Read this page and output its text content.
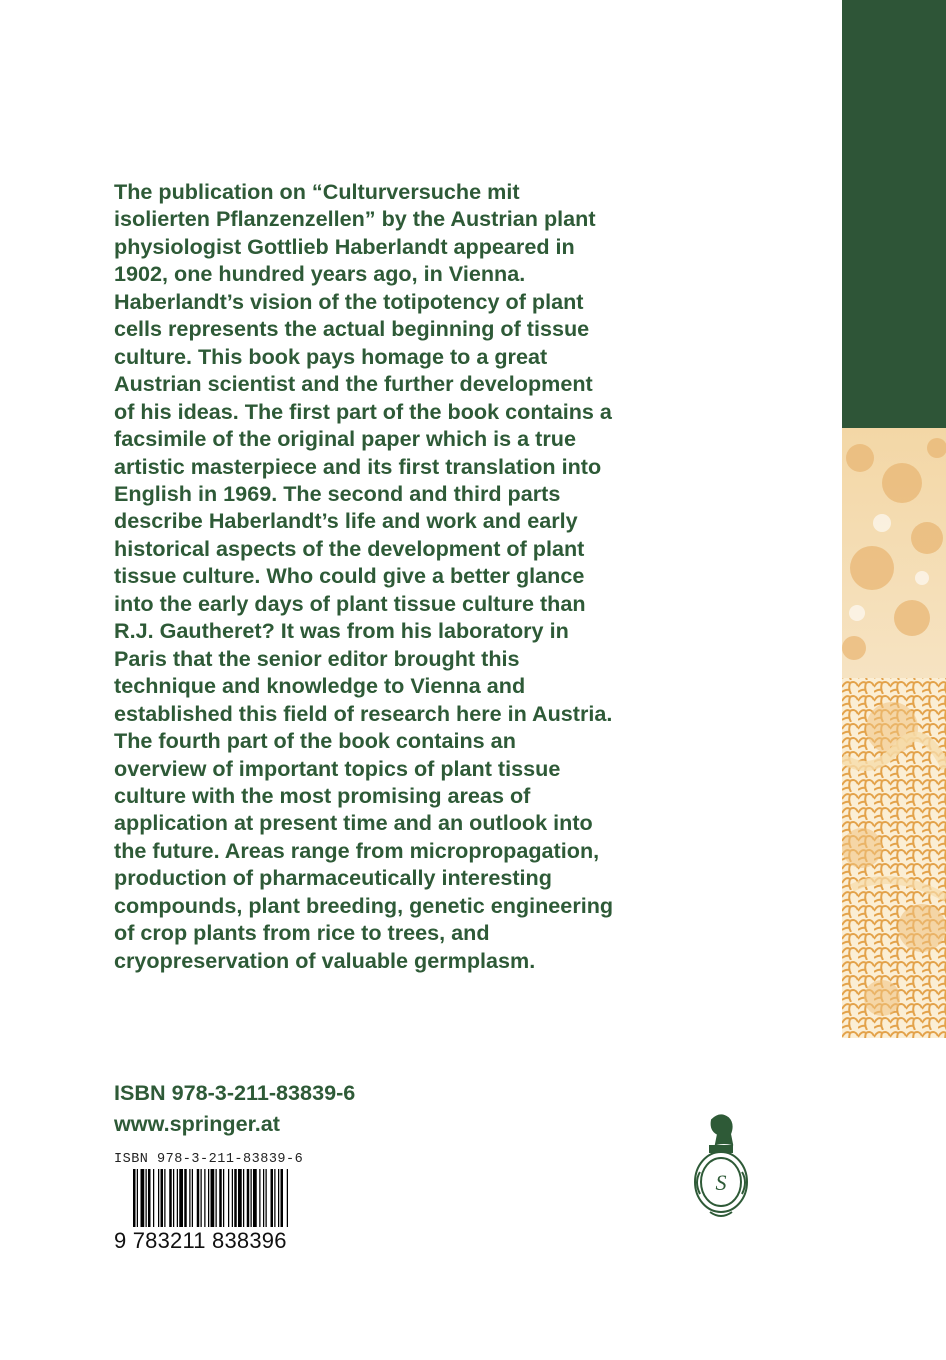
The publication on “Culturversuche mit
isolierten Pflanzenzellen” by the Austrian plant
physiologist Gottlieb Haberlandt appeared in
1902, one hundred years ago, in Vienna.
Haberlandt’s vision of the totipotency of plant
cells represents the actual beginning of tissue
culture. This book pays homage to a great
Austrian scientist and the further development
of his ideas. The first part of the book contains a
facsimile of the original paper which is a true
artistic masterpiece and its first translation into
English in 1969. The second and third parts
describe Haberlandt’s life and work and early
historical aspects of the development of plant
tissue culture. Who could give a better glance
into the early days of plant tissue culture than
R.J. Gautheret? It was from his laboratory in
Paris that the senior editor brought this
technique and knowledge to Vienna and
established this field of research here in Austria.
The fourth part of the book contains an
overview of important topics of plant tissue
culture with the most promising areas of
application at present time and an outlook into
the future. Areas range from micropropagation,
production of pharmaceutically interesting
compounds, plant breeding, genetic engineering
of crop plants from rice to trees, and
cryopreservation of valuable germplasm.

ISBN 978-3-211-83839-6

www.springer.at

ISBN 978-3-211-83839-6
9 783211 838396
S
